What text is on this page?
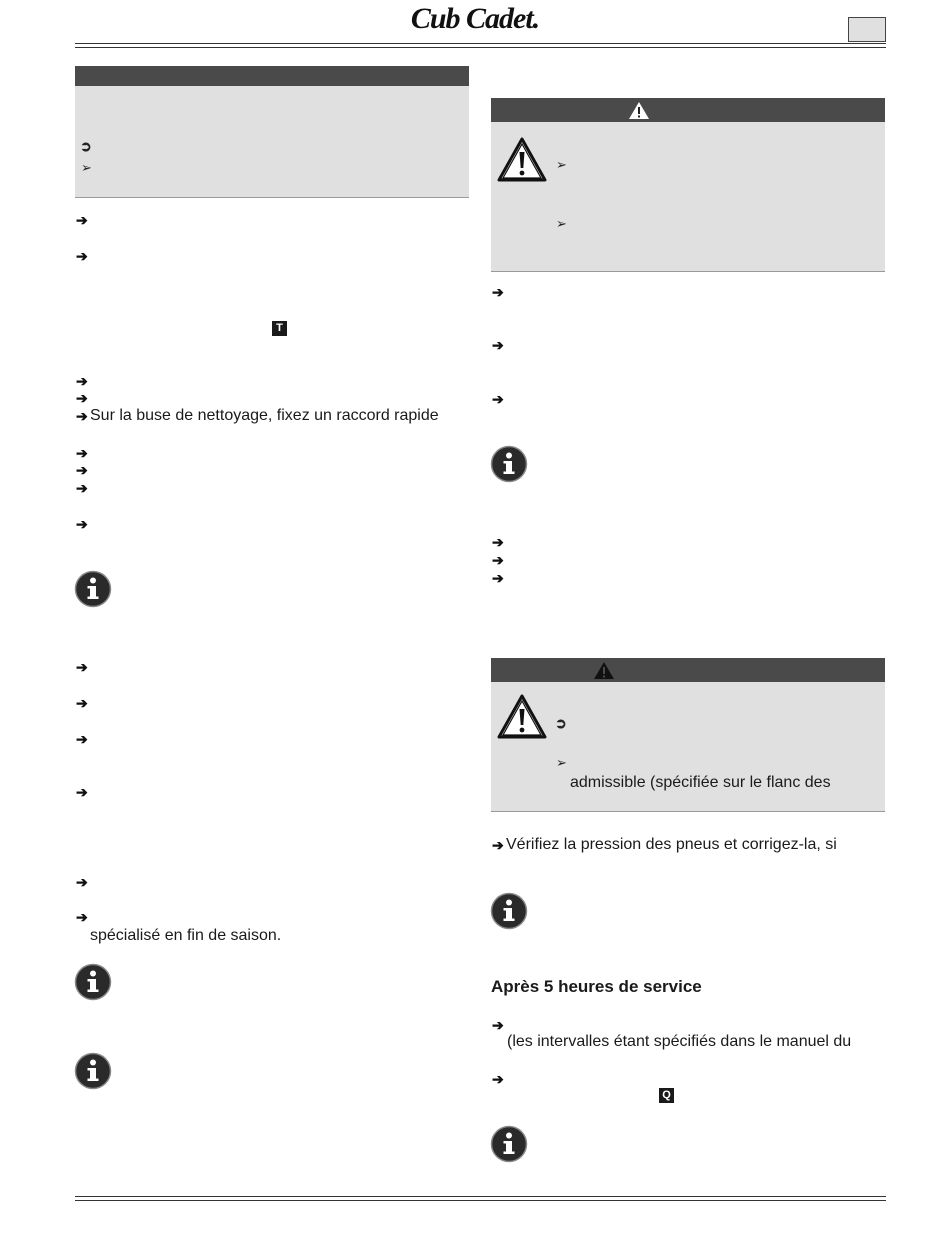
Cub Cadet.
➲
➢
➔
➔
T
➔
➔
➔ Sur la buse de nettoyage, fixez un raccord rapide
➔
➔
➔
➔
➔
➔
➔
➔
➔
➔
spécialisé en fin de saison.
➢
➢
➔
➔
➔
➔
➔
➔
➲
➢
admissible (spécifiée sur le flanc des
➔ Vérifiez la pression des pneus et corrigez-la, si
Après 5 heures de service
➔
(les intervalles étant spécifiés dans le manuel du
➔
Q
